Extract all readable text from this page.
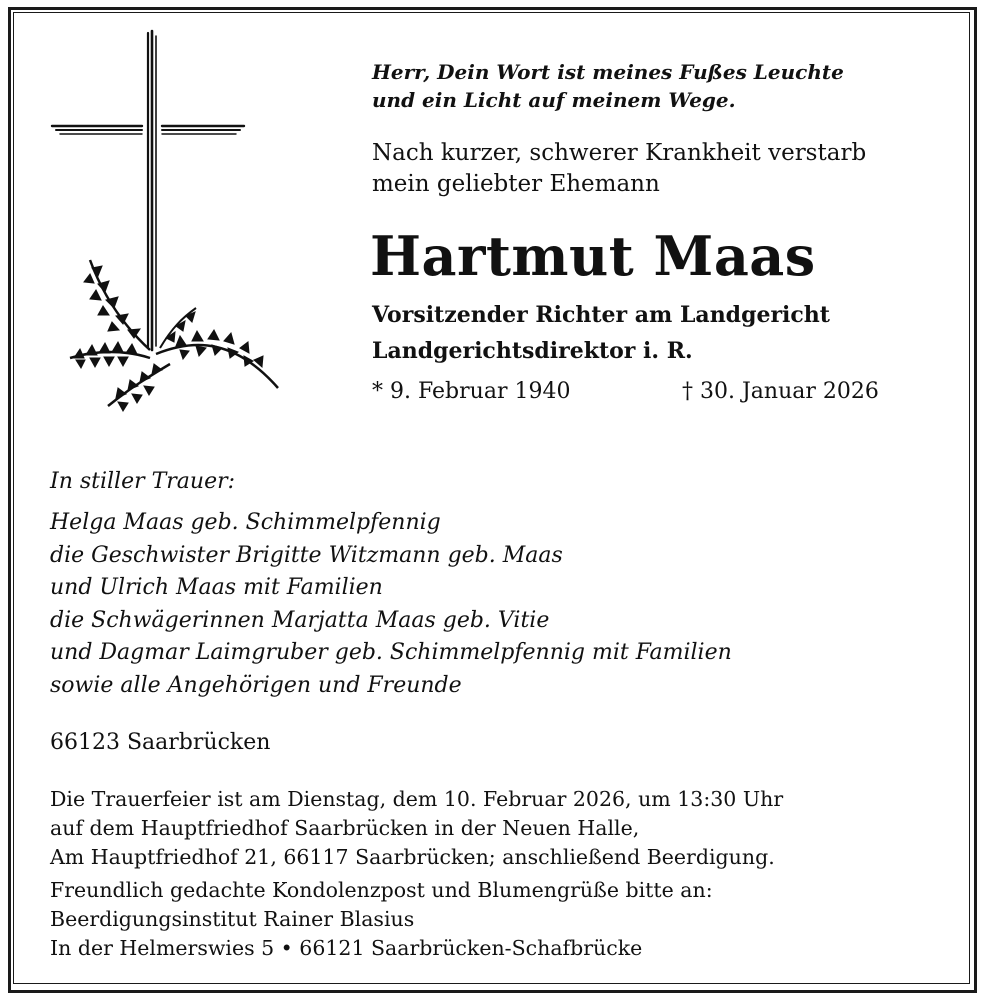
Herr, Dein Wort ist meines Fußes Leuchte
und ein Licht auf meinem Wege.
Nach kurzer, schwerer Krankheit verstarb
mein geliebter Ehemann
Hartmut Maas
Vorsitzender Richter am Landgericht
Landgerichtsdirektor i. R.
* 9. Februar 1940	† 30. Januar 2026
In stiller Trauer:
Helga Maas geb. Schimmelpfennig
die Geschwister Brigitte Witzmann geb. Maas
und Ulrich Maas mit Familien
die Schwägerinnen Marjatta Maas geb. Vitie
und Dagmar Laimgruber geb. Schimmelpfennig mit Familien
sowie alle Angehörigen und Freunde
66123 Saarbrücken
Die Trauerfeier ist am Dienstag, dem 10. Februar 2026, um 13:30 Uhr
auf dem Hauptfriedhof Saarbrücken in der Neuen Halle,
Am Hauptfriedhof 21, 66117 Saarbrücken; anschließend Beerdigung.
Freundlich gedachte Kondolenzpost und Blumengrüße bitte an:
Beerdigungsinstitut Rainer Blasius
In der Helmerswies 5 • 66121 Saarbrücken-Schafbrücke
